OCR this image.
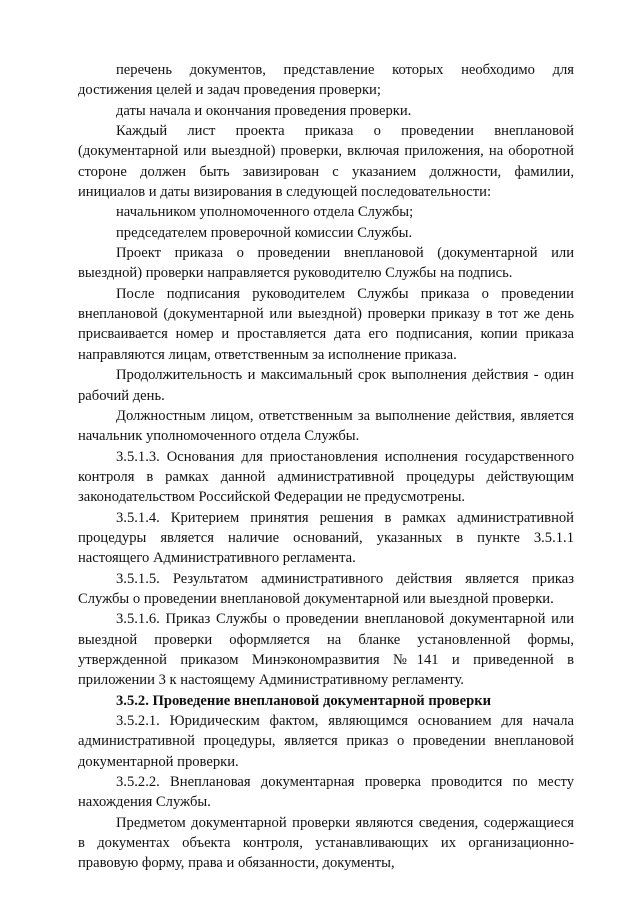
перечень документов, представление которых необходимо для достижения целей и задач проведения проверки;

даты начала и окончания проведения проверки.

Каждый лист проекта приказа о проведении внеплановой (документарной или выездной) проверки, включая приложения, на оборотной стороне должен быть завизирован с указанием должности, фамилии, инициалов и даты визирования в следующей последовательности:

начальником уполномоченного отдела Службы;

председателем проверочной комиссии Службы.

Проект приказа о проведении внеплановой (документарной или выездной) проверки направляется руководителю Службы на подпись.

После подписания руководителем Службы приказа о проведении внеплановой (документарной или выездной) проверки приказу в тот же день присваивается номер и проставляется дата его подписания, копии приказа направляются лицам, ответственным за исполнение приказа.

Продолжительность и максимальный срок выполнения действия - один рабочий день.

Должностным лицом, ответственным за выполнение действия, является начальник уполномоченного отдела Службы.

3.5.1.3. Основания для приостановления исполнения государственного контроля в рамках данной административной процедуры действующим законодательством Российской Федерации не предусмотрены.

3.5.1.4. Критерием принятия решения в рамках административной процедуры является наличие оснований, указанных в пункте 3.5.1.1 настоящего Административного регламента.

3.5.1.5. Результатом административного действия является приказ Службы о проведении внеплановой документарной или выездной проверки.

3.5.1.6. Приказ Службы о проведении внеплановой документарной или выездной проверки оформляется на бланке установленной формы, утвержденной приказом Минэкономразвития №141 и приведенной в приложении 3 к настоящему Административному регламенту.

3.5.2. Проведение внеплановой документарной проверки

3.5.2.1. Юридическим фактом, являющимся основанием для начала административной процедуры, является приказ о проведении внеплановой документарной проверки.

3.5.2.2. Внеплановая документарная проверка проводится по месту нахождения Службы.

Предметом документарной проверки являются сведения, содержащиеся в документах объекта контроля, устанавливающих их организационно-правовую форму, права и обязанности, документы,
